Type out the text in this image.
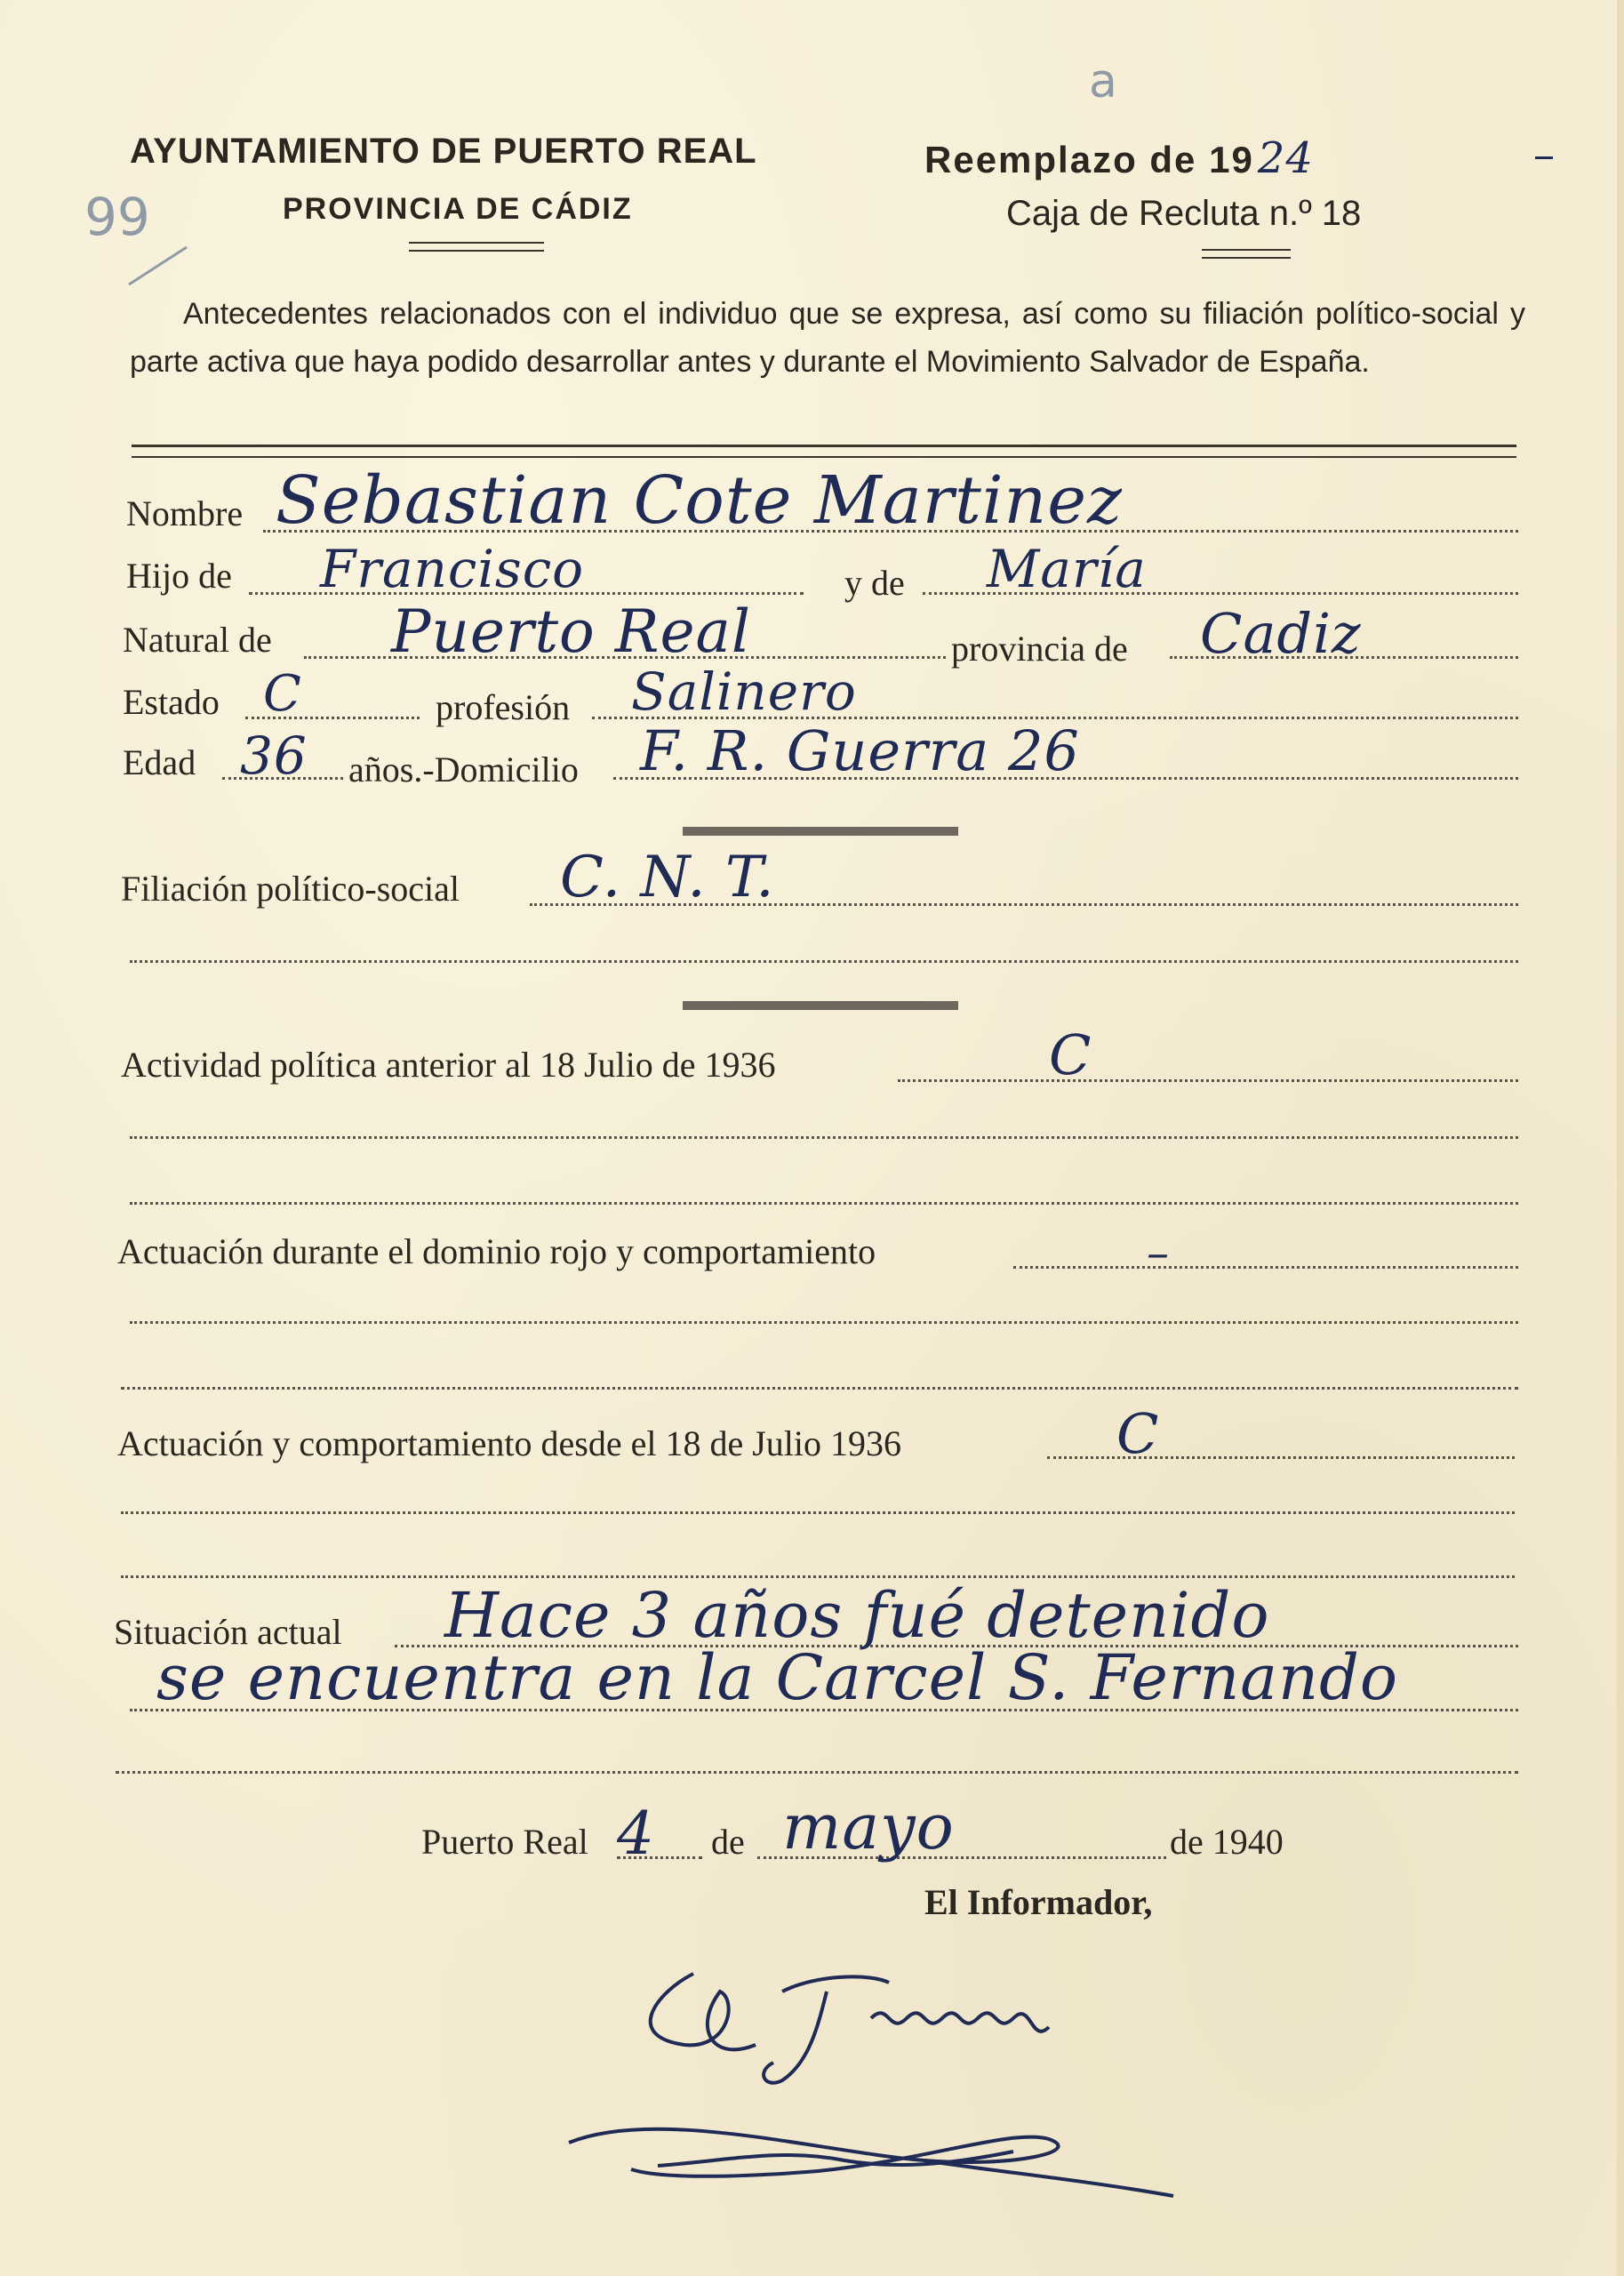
a
99
AYUNTAMIENTO DE PUERTO REAL
PROVINCIA DE CÁDIZ
Reemplazo de 1924
Caja de Recluta n.º 18
Antecedentes relacionados con el individuo que se expresa, así como su filiación político-social y parte activa que haya podido desarrollar antes y durante el Movimiento Salvador de España.
Nombre Sebastian Cote Martinez
Hijo de Francisco	y de María
Natural de Puerto Real	provincia de Cadiz
Estado C	profesión Salinero
Edad 36 años.-Domicilio F. R. Guerra 26
Filiación político-social C. N. T.
Actividad política anterior al 18 Julio de 1936	C
Actuación durante el dominio rojo y comportamiento	–
Actuación y comportamiento desde el 18 de Julio 1936	C
Situación actual Hace 3 años fué detenido
se encuentra en la Carcel S. Fernando
Puerto Real 4 de mayo	de 1940
El Informador,
